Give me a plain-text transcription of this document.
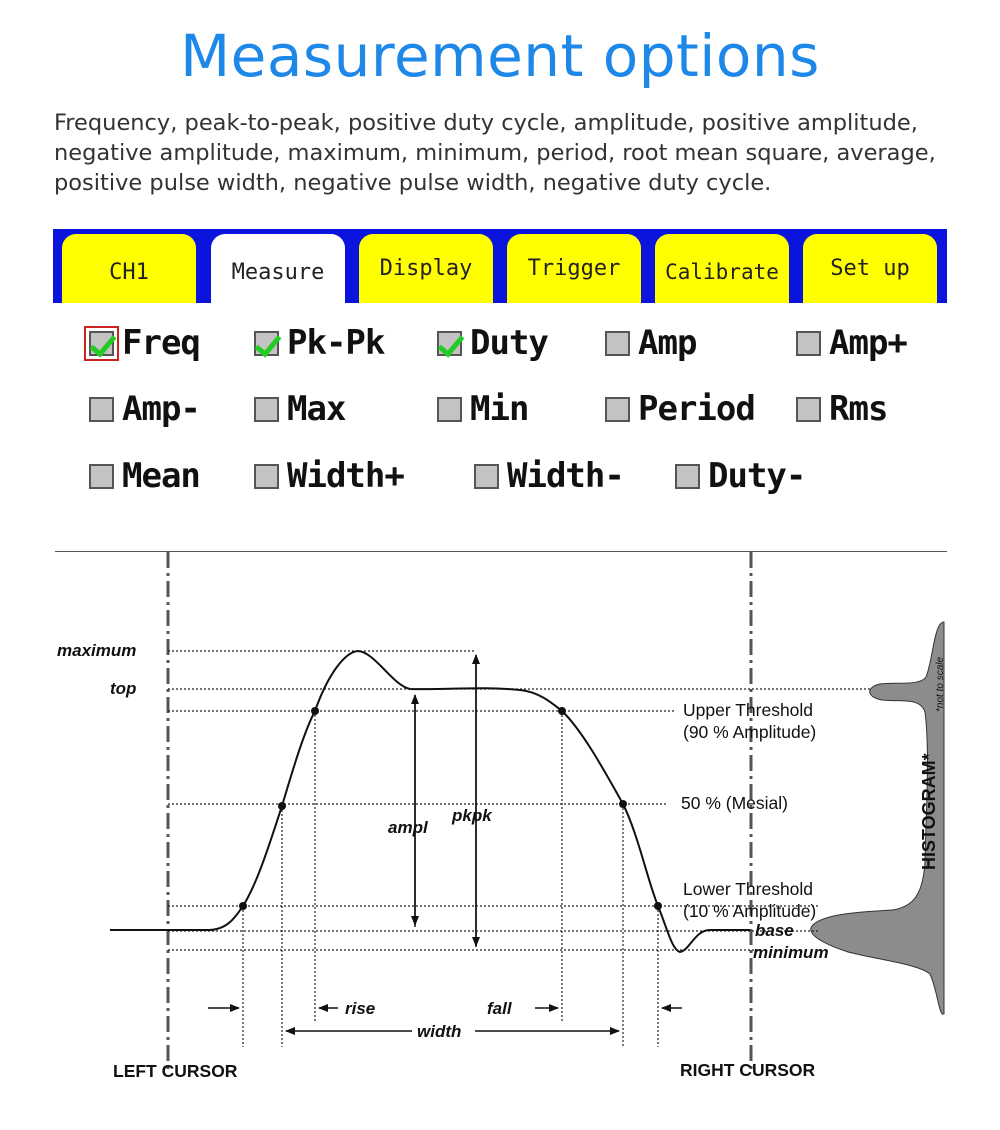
Measurement options
Frequency, peak-to-peak, positive duty cycle, amplitude, positive amplitude,
negative amplitude, maximum, minimum, period, root mean square, average,
positive pulse width, negative pulse width, negative duty cycle.
CH1	Measure	Display	Trigger	Calibrate	Set up
Freq	Pk-Pk	Duty	Amp	Amp+
Amp-	Max	Min	Period Rms
Mean	Width+	Width- Duty-
maximum
top
base
minimum
ampl
pkpk
rise	fall
width
Upper Threshold
(90 % Amplitude)
50 % (Mesial)
Lower Threshold
(10 % Amplitude)
LEFT CURSOR	RIGHT CURSOR
HISTOGRAM*
*not to scale
